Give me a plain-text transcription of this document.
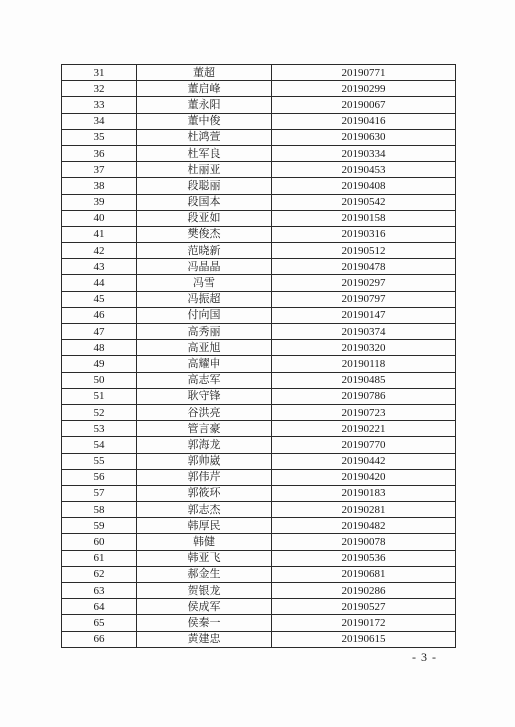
31	董超	20190771
32	董启峰	20190299
33	董永阳	20190067
34	董中俊	20190416
35	杜鸿萱	20190630
36	杜军良	20190334
37	杜丽亚	20190453
38	段聪丽	20190408
39	段国本	20190542
40	段亚如	20190158
41	樊俊杰	20190316
42	范晓新	20190512
43	冯晶晶	20190478
44	冯雪	20190297
45	冯振超	20190797
46	付向国	20190147
47	高秀丽	20190374
48	高亚旭	20190320
49	高耀申	20190118
50	高志军	20190485
51	耿守锋	20190786
52	谷洪亮	20190723
53	管言豪	20190221
54	郭海龙	20190770
55	郭帅崴	20190442
56	郭伟芹	20190420
57	郭筱环	20190183
58	郭志杰	20190281
59	韩厚民	20190482
60	韩健	20190078
61	韩亚飞	20190536
62	郝金生	20190681
63	贺银龙	20190286
64	侯成军	20190527
65	侯秦一	20190172
66	黄建忠	20190615
- 3 -
